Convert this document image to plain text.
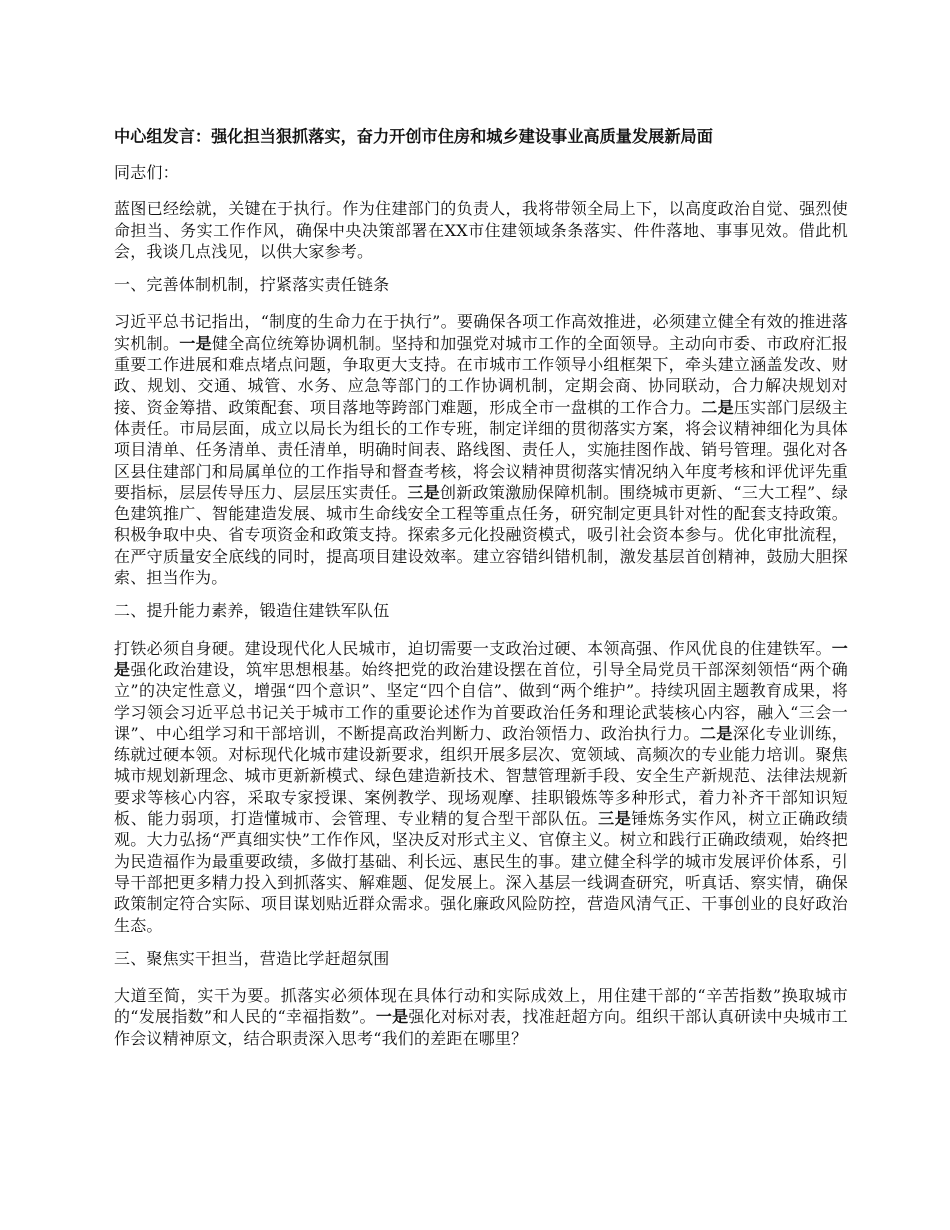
中心组发言：强化担当狠抓落实，奋力开创市住房和城乡建设事业高质量发展新局面

同志们：

蓝图已经绘就，关键在于执行。作为住建部门的负责人，我将带领全局上下，以高度政治自觉、强烈使命担当、务实工作作风，确保中央决策部署在XX市住建领域条条落实、件件落地、事事见效。借此机会，我谈几点浅见，以供大家参考。

一、完善体制机制，拧紧落实责任链条

习近平总书记指出，“制度的生命力在于执行”。要确保各项工作高效推进，必须建立健全有效的推进落实机制。一是健全高位统筹协调机制。坚持和加强党对城市工作的全面领导。主动向市委、市政府汇报重要工作进展和难点堵点问题，争取更大支持。在市城市工作领导小组框架下，牵头建立涵盖发改、财政、规划、交通、城管、水务、应急等部门的工作协调机制，定期会商、协同联动，合力解决规划对接、资金筹措、政策配套、项目落地等跨部门难题，形成全市一盘棋的工作合力。二是压实部门层级主体责任。市局层面，成立以局长为组长的工作专班，制定详细的贯彻落实方案，将会议精神细化为具体项目清单、任务清单、责任清单，明确时间表、路线图、责任人，实施挂图作战、销号管理。强化对各区县住建部门和局属单位的工作指导和督查考核，将会议精神贯彻落实情况纳入年度考核和评优评先重要指标，层层传导压力、层层压实责任。三是创新政策激励保障机制。围绕城市更新、“三大工程”、绿色建筑推广、智能建造发展、城市生命线安全工程等重点任务，研究制定更具针对性的配套支持政策。积极争取中央、省专项资金和政策支持。探索多元化投融资模式，吸引社会资本参与。优化审批流程，在严守质量安全底线的同时，提高项目建设效率。建立容错纠错机制，激发基层首创精神，鼓励大胆探索、担当作为。

二、提升能力素养，锻造住建铁军队伍

打铁必须自身硬。建设现代化人民城市，迫切需要一支政治过硬、本领高强、作风优良的住建铁军。一是强化政治建设，筑牢思想根基。始终把党的政治建设摆在首位，引导全局党员干部深刻领悟“两个确立”的决定性意义，增强“四个意识”、坚定“四个自信”、做到“两个维护”。持续巩固主题教育成果，将学习领会习近平总书记关于城市工作的重要论述作为首要政治任务和理论武装核心内容，融入“三会一课”、中心组学习和干部培训，不断提高政治判断力、政治领悟力、政治执行力。二是深化专业训练，练就过硬本领。对标现代化城市建设新要求，组织开展多层次、宽领域、高频次的专业能力培训。聚焦城市规划新理念、城市更新新模式、绿色建造新技术、智慧管理新手段、安全生产新规范、法律法规新要求等核心内容，采取专家授课、案例教学、现场观摩、挂职锻炼等多种形式，着力补齐干部知识短板、能力弱项，打造懂城市、会管理、专业精的复合型干部队伍。三是锤炼务实作风，树立正确政绩观。大力弘扬“严真细实快”工作作风，坚决反对形式主义、官僚主义。树立和践行正确政绩观，始终把为民造福作为最重要政绩，多做打基础、利长远、惠民生的事。建立健全科学的城市发展评价体系，引导干部把更多精力投入到抓落实、解难题、促发展上。深入基层一线调查研究，听真话、察实情，确保政策制定符合实际、项目谋划贴近群众需求。强化廉政风险防控，营造风清气正、干事创业的良好政治生态。

三、聚焦实干担当，营造比学赶超氛围

大道至简，实干为要。抓落实必须体现在具体行动和实际成效上，用住建干部的“辛苦指数”换取城市的“发展指数”和人民的“幸福指数”。一是强化对标对表，找准赶超方向。组织干部认真研读中央城市工作会议精神原文，结合职责深入思考“我们的差距在哪里？
